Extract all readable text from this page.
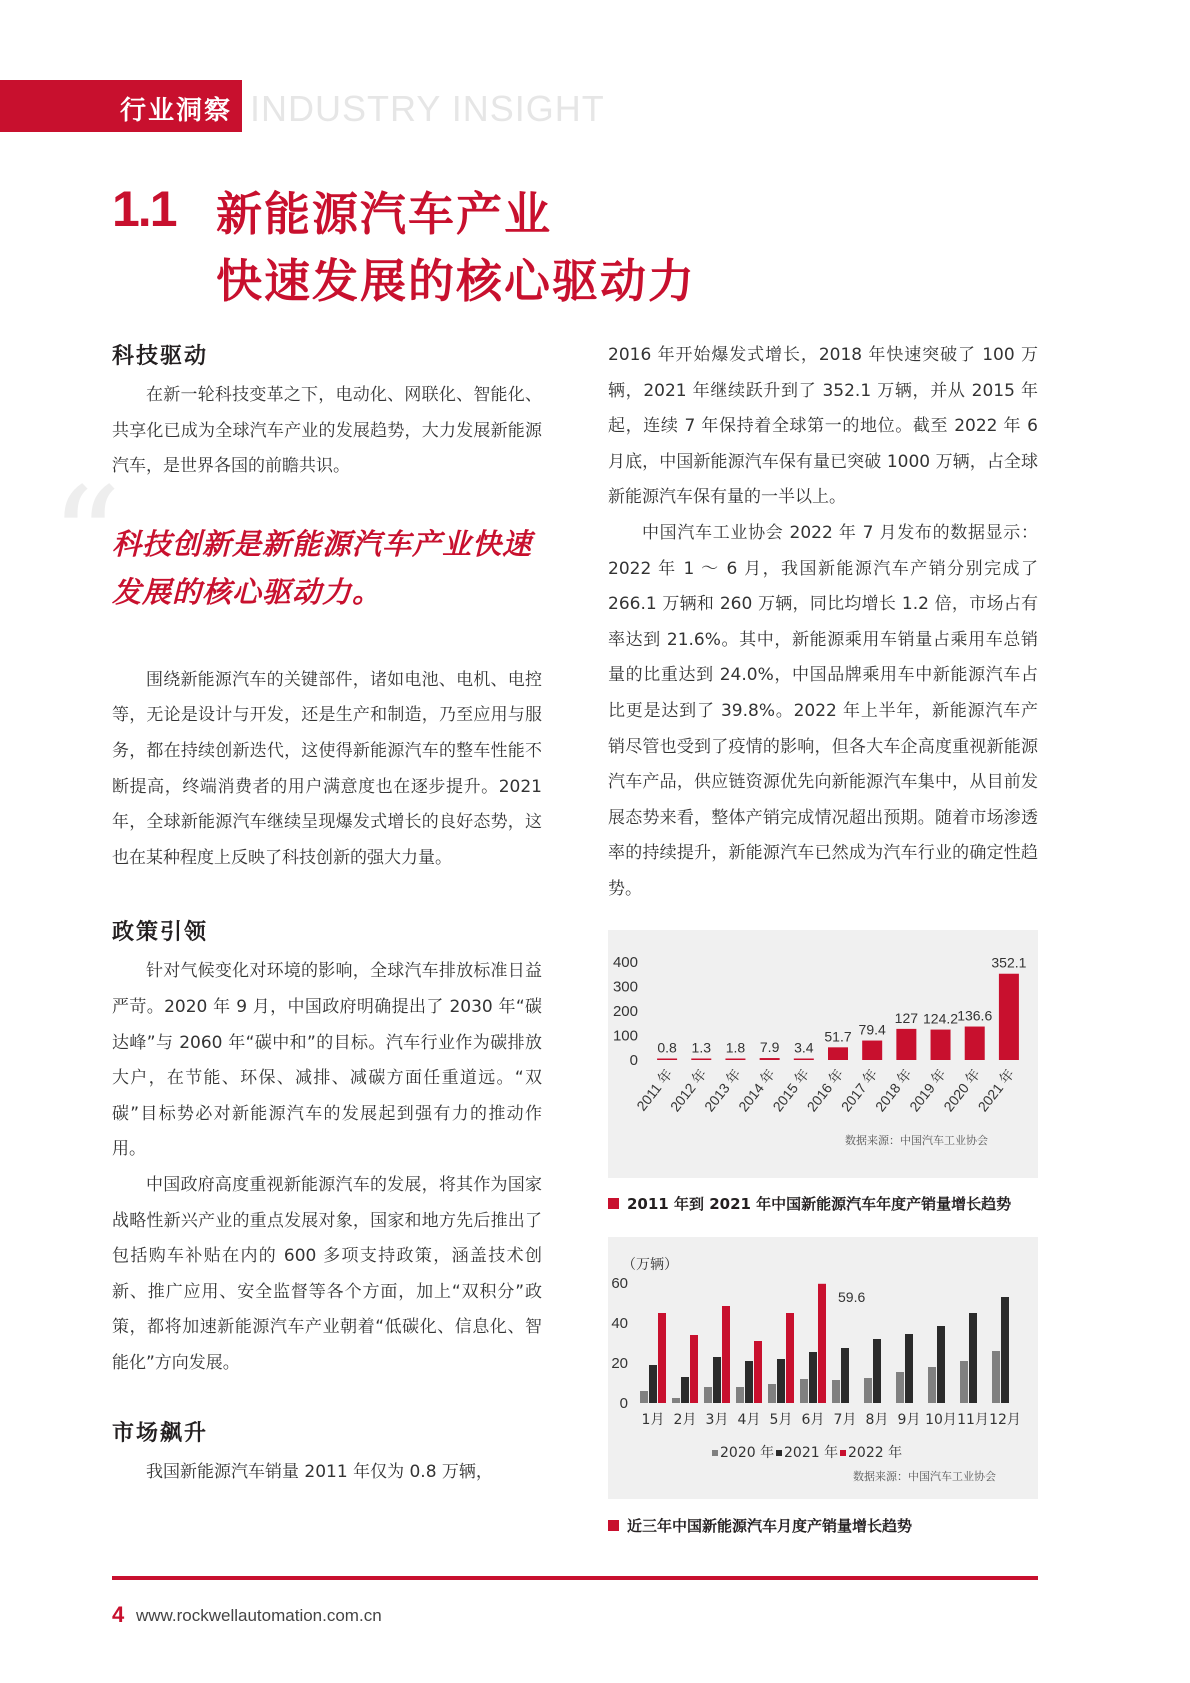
行业洞察 INDUSTRY INSIGHT
1.1 新能源汽车产业
快速发展的核心驱动力
“
科技驱动

在新一轮科技变革之下，电动化、网联化、智能化、共享化已成为全球汽车产业的发展趋势，大力发展新能源汽车，是世界各国的前瞻共识。

围绕新能源汽车的关键部件，诸如电池、电机、电控等，无论是设计与开发，还是生产和制造，乃至应用与服务，都在持续创新迭代，这使得新能源汽车的整车性能不断提高，终端消费者的用户满意度也在逐步提升。2021 年，全球新能源汽车继续呈现爆发式增长的良好态势，这也在某种程度上反映了科技创新的强大力量。

政策引领

针对气候变化对环境的影响，全球汽车排放标准日益严苛。2020 年 9 月，中国政府明确提出了 2030 年“碳达峰”与 2060 年“碳中和”的目标。汽车行业作为碳排放大户，在节能、环保、减排、减碳方面任重道远。“双碳”目标势必对新能源汽车的发展起到强有力的推动作用。

中国政府高度重视新能源汽车的发展，将其作为国家战略性新兴产业的重点发展对象，国家和地方先后推出了包括购车补贴在内的 600 多项支持政策，涵盖技术创新、推广应用、安全监督等各个方面，加上“双积分”政策，都将加速新能源汽车产业朝着“低碳化、信息化、智能化”方向发展。

市场飙升

我国新能源汽车销量 2011 年仅为 0.8 万辆，

科技创新是新能源汽车产业快速发展的核心驱动力。

2016 年开始爆发式增长，2018 年快速突破了 100 万辆，2021 年继续跃升到了 352.1 万辆，并从 2015 年起，连续 7 年保持着全球第一的地位。截至 2022 年 6 月底，中国新能源汽车保有量已突破 1000 万辆，占全球新能源汽车保有量的一半以上。

中国汽车工业协会 2022 年 7 月发布的数据显示：2022 年 1 ～ 6 月，我国新能源汽车产销分别完成了 266.1 万辆和 260 万辆，同比均增长 1.2 倍，市场占有率达到 21.6%。其中，新能源乘用车销量占乘用车总销量的比重达到 24.0%，中国品牌乘用车中新能源汽车占比更是达到了 39.8%。2022 年上半年，新能源汽车产销尽管也受到了疫情的影响，但各大车企高度重视新能源汽车产品，供应链资源优先向新能源汽车集中，从目前发展态势来看，整体产销完成情况超出预期。随着市场渗透率的持续提升，新能源汽车已然成为汽车行业的确定性趋势。

0
100
200
300
400
0.8
2011 年
1.3
2012 年
1.8
2013 年
7.9
2014 年
3.4
2015 年
51.7
2016 年
79.4
2017 年
127
2018 年
124.2
2019 年
136.6
2020 年
352.1
2021 年
数据来源：中国汽车工业协会
2011 年到 2021 年中国新能源汽车年度产销量增长趋势
（万辆）
0
20
40
60
1月 2月 3月 4月 5月 6月 7月 8月 9月 10月 11月 12月
59.6
2020 年 2021 年 2022 年
数据来源：中国汽车工业协会
近三年中国新能源汽车月度产销量增长趋势
4 www.rockwellautomation.com.cn
